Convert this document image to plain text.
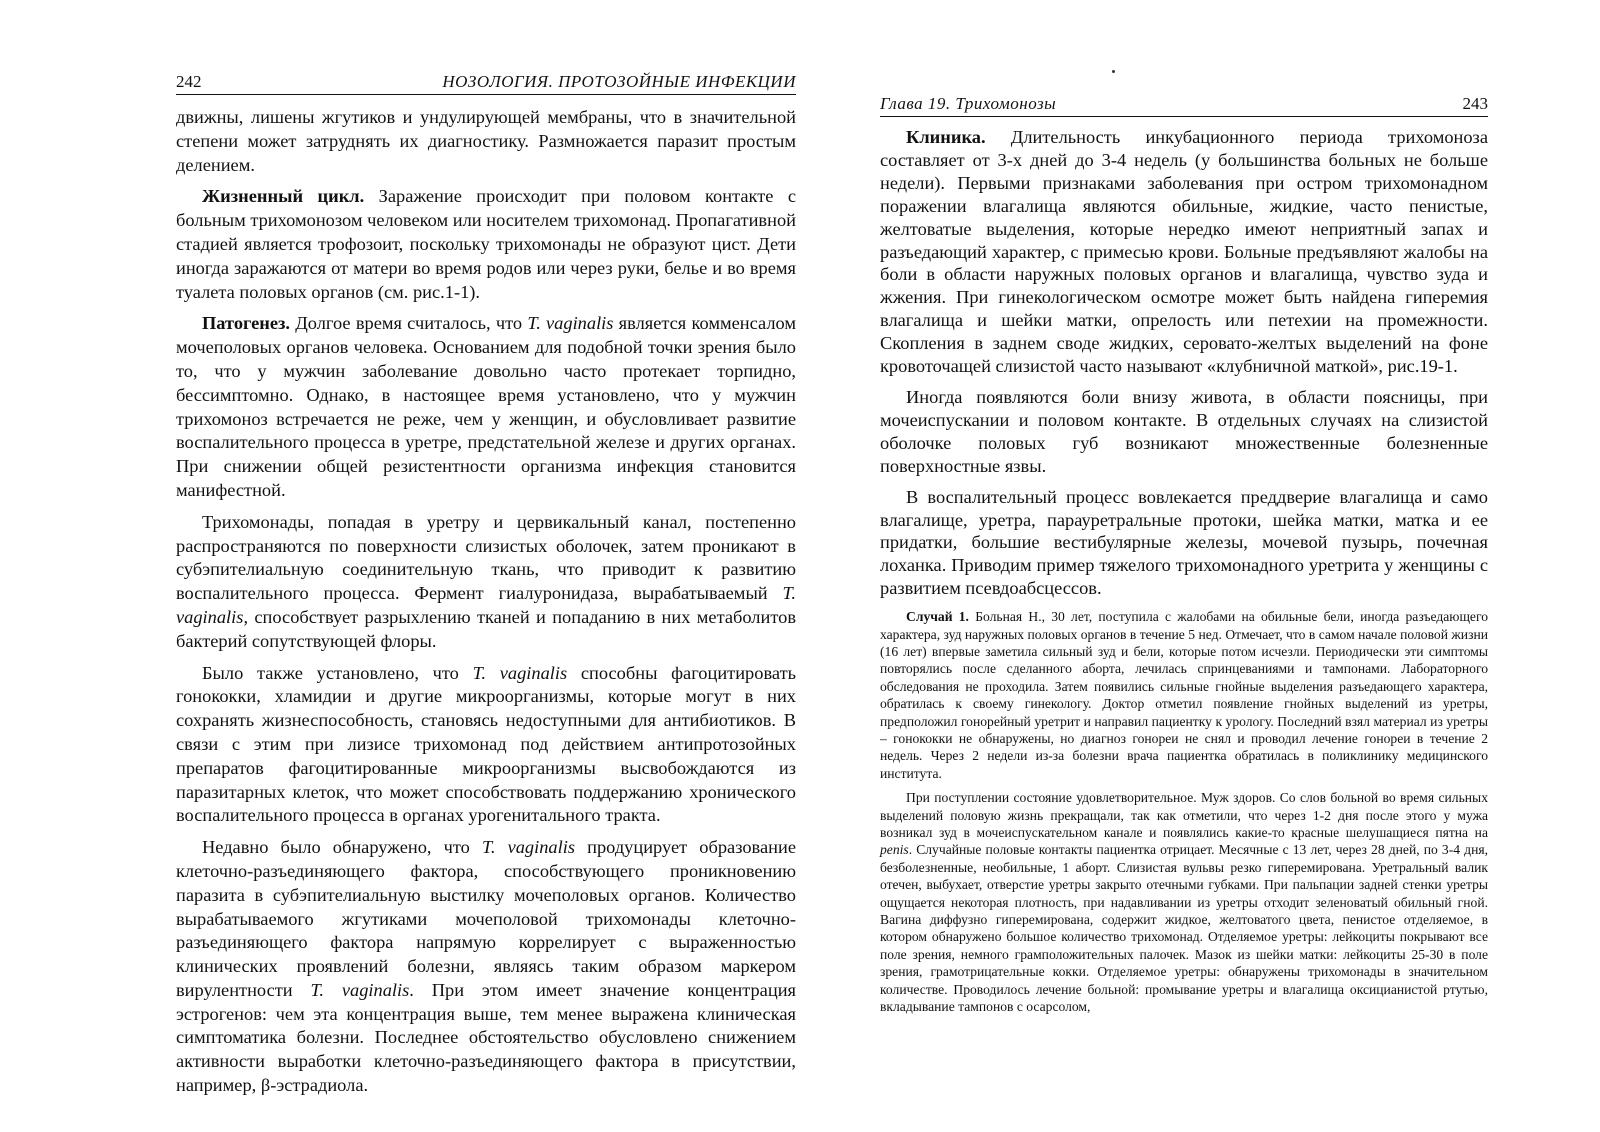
242	НОЗОЛОГИЯ. ПРОТОЗОЙНЫЕ ИНФЕКЦИИ

движны, лишены жгутиков и ундулирующей мембраны, что в значительной степени может затруднять их диагностику. Размножается паразит простым делением.

Жизненный цикл. Заражение происходит при половом контакте с больным трихомонозом человеком или носителем трихомонад. Пропагативной стадией является трофозоит, поскольку трихомонады не образуют цист. Дети иногда заражаются от матери во время родов или через руки, белье и во время туалета половых органов (см. рис.1-1).

Патогенез. Долгое время считалось, что T. vaginalis является комменсалом мочеполовых органов человека. Основанием для подобной точки зрения было то, что у мужчин заболевание довольно часто протекает торпидно, бессимптомно. Однако, в настоящее время установлено, что у мужчин трихомоноз встречается не реже, чем у женщин, и обусловливает развитие воспалительного процесса в уретре, предстательной железе и других органах. При снижении общей резистентности организма инфекция становится манифестной.

Трихомонады, попадая в уретру и цервикальный канал, постепенно распространяются по поверхности слизистых оболочек, затем проникают в субэпителиальную соединительную ткань, что приводит к развитию воспалительного процесса. Фермент гиалуронидаза, вырабатываемый T. vaginalis, способствует разрыхлению тканей и попаданию в них метаболитов бактерий сопутствующей флоры.

Было также установлено, что T. vaginalis способны фагоцитировать гонококки, хламидии и другие микроорганизмы, которые могут в них сохранять жизнеспособность, становясь недоступными для антибиотиков. В связи с этим при лизисе трихомонад под действием антипротозойных препаратов фагоцитированные микроорганизмы высвобождаются из паразитарных клеток, что может способствовать поддержанию хронического воспалительного процесса в органах урогенитального тракта.

Недавно было обнаружено, что T. vaginalis продуцирует образование клеточно-разъединяющего фактора, способствующего проникновению паразита в субэпителиальную выстилку мочеполовых органов. Количество вырабатываемого жгутиками мочеполовой трихомонады клеточно-разъединяющего фактора напрямую коррелирует с выраженностью клинических проявлений болезни, являясь таким образом маркером вирулентности T. vaginalis. При этом имеет значение концентрация эстрогенов: чем эта концентрация выше, тем менее выражена клиническая симптоматика болезни. Последнее обстоятельство обусловлено снижением активности выработки клеточно-разъединяющего фактора в присутствии, например, β-эстрадиола.

Глава 19. Трихомонозы	243

Клиника. Длительность инкубационного периода трихомоноза составляет от 3-х дней до 3-4 недель (у большинства больных не больше недели). Первыми признаками заболевания при остром трихомонадном поражении влагалища являются обильные, жидкие, часто пенистые, желтоватые выделения, которые нередко имеют неприятный запах и разъедающий характер, с примесью крови. Больные предъявляют жалобы на боли в области наружных половых органов и влагалища, чувство зуда и жжения. При гинекологическом осмотре может быть найдена гиперемия влагалища и шейки матки, опрелость или петехии на промежности. Скопления в заднем своде жидких, серовато-желтых выделений на фоне кровоточащей слизистой часто называют «клубничной маткой», рис.19-1.

Иногда появляются боли внизу живота, в области поясницы, при мочеиспускании и половом контакте. В отдельных случаях на слизистой оболочке половых губ возникают множественные болезненные поверхностные язвы.

В воспалительный процесс вовлекается преддверие влагалища и само влагалище, уретра, парауретральные протоки, шейка матки, матка и ее придатки, большие вестибулярные железы, мочевой пузырь, почечная лоханка. Приводим пример тяжелого трихомонадного уретрита у женщины с развитием псевдоабсцессов.

Случай 1. Больная Н., 30 лет, поступила с жалобами на обильные бели, иногда разъедающего характера, зуд наружных половых органов в течение 5 нед. Отмечает, что в самом начале половой жизни (16 лет) впервые заметила сильный зуд и бели, которые потом исчезли. Периодически эти симптомы повторялись после сделанного аборта, лечилась спринцеваниями и тампонами. Лабораторного обследования не проходила. Затем появились сильные гнойные выделения разъедающего характера, обратилась к своему гинекологу. Доктор отметил появление гнойных выделений из уретры, предположил гонорейный уретрит и направил пациентку к урологу. Последний взял материал из уретры – гонококки не обнаружены, но диагноз гонореи не снял и проводил лечение гонореи в течение 2 недель. Через 2 недели из-за болезни врача пациентка обратилась в поликлинику медицинского института.

При поступлении состояние удовлетворительное. Муж здоров. Со слов больной во время сильных выделений половую жизнь прекращали, так как отметили, что через 1-2 дня после этого у мужа возникал зуд в мочеиспускательном канале и появлялись какие-то красные шелушащиеся пятна на penis. Случайные половые контакты пациентка отрицает. Месячные с 13 лет, через 28 дней, по 3-4 дня, безболезненные, необильные, 1 аборт. Слизистая вульвы резко гиперемирована. Уретральный валик отечен, выбухает, отверстие уретры закрыто отечными губками. При пальпации задней стенки уретры ощущается некоторая плотность, при надавливании из уретры отходит зеленоватый обильный гной. Вагина диффузно гиперемирована, содержит жидкое, желтоватого цвета, пенистое отделяемое, в котором обнаружено большое количество трихомонад. Отделяемое уретры: лейкоциты покрывают все поле зрения, немного грамположительных палочек. Мазок из шейки матки: лейкоциты 25-30 в поле зрения, грамотрицательные кокки. Отделяемое уретры: обнаружены трихомонады в значительном количестве. Проводилось лечение больной: промывание уретры и влагалища оксицианистой ртутью, вкладывание тампонов с осарсолом,
